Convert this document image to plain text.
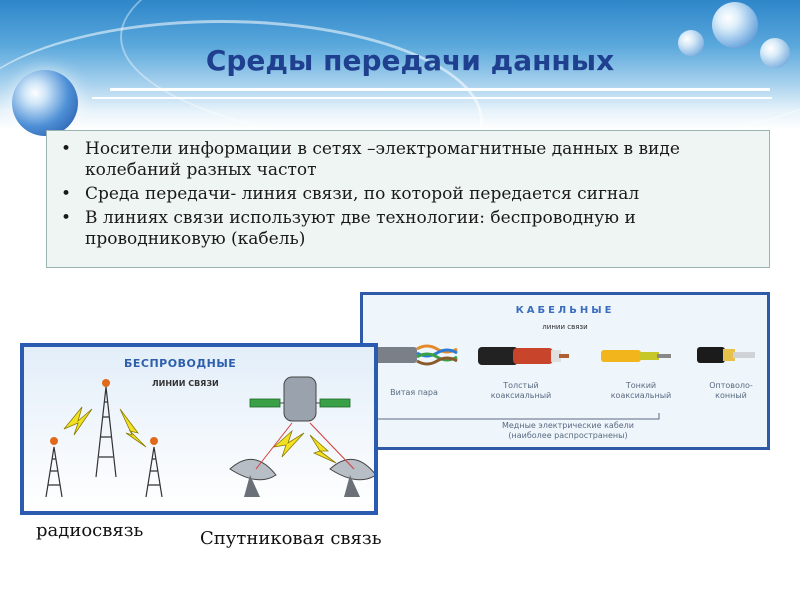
Среды передачи данных
• Носители информации в сетях –электромагнитные данных в виде колебаний разных частот
• Среда передачи- линия связи, по которой передается сигнал
• В линиях связи используют две технологии: беспроводную и проводниковую (кабель)
КАБЕЛЬНЫЕ
линии связи
Витая пара
Толстый
коаксиальный
Тонкий
коаксиальный
Оптоволо-
конный
Медные электрические кабели
(наиболее распространены)
БЕСПРОВОДНЫЕ
ЛИНИИ СВЯЗИ
радиосвязь	Спутниковая связь
